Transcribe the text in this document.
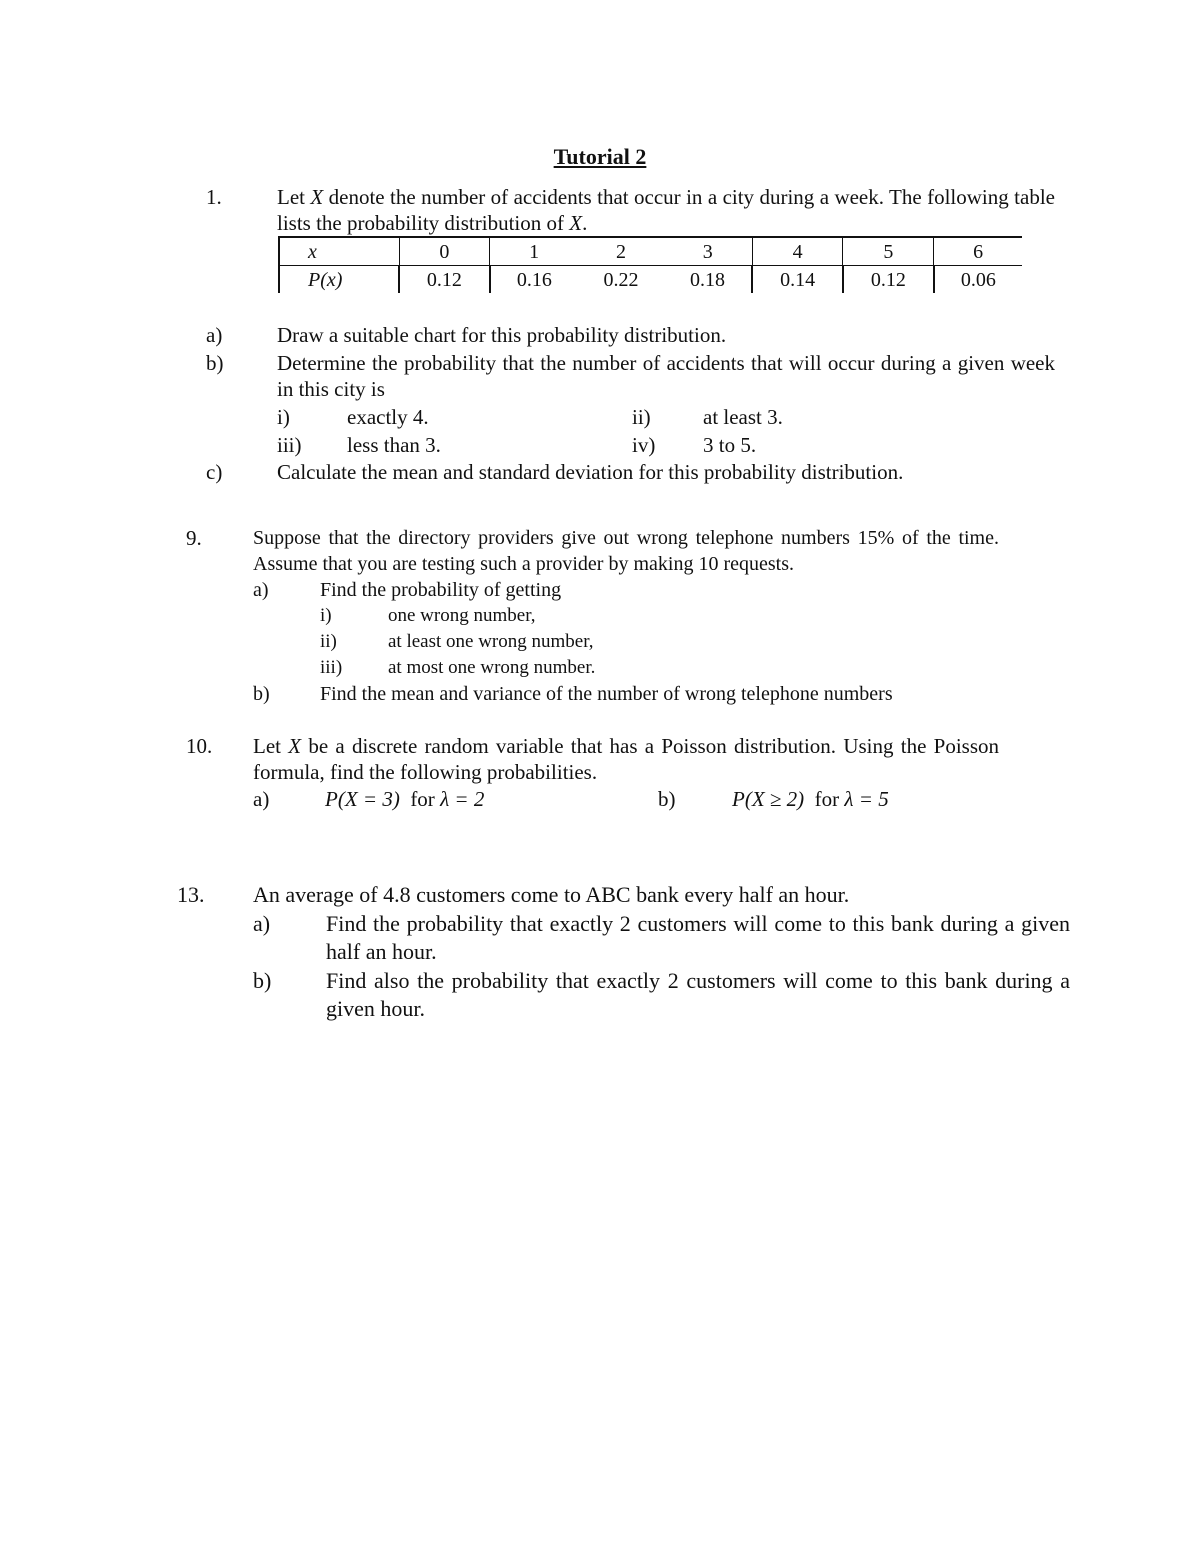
Tutorial 2
1.	Let X denote the number of accidents that occur in a city during a week. The following table lists the probability distribution of X.
x	0	1	2	3	4	5	6
P(x)	0.12	0.16	0.22	0.18	0.14	0.12	0.06
a)	Draw a suitable chart for this probability distribution.
b)	Determine the probability that the number of accidents that will occur during a given week in this city is
i)	exactly 4.	ii) at least 3.
iii) less than 3.	iv) 3 to 5.
c)	Calculate the mean and standard deviation for this probability distribution.
9.	Suppose that the directory providers give out wrong telephone numbers 15% of the time. Assume that you are testing such a provider by making 10 requests.
a)	Find the probability of getting
i)	one wrong number,
ii)	at least one wrong number,
iii) at most one wrong number.
b)	Find the mean and variance of the number of wrong telephone numbers
10. Let X be a discrete random variable that has a Poisson distribution. Using the Poisson formula, find the following probabilities.
a)	P(X = 3) for λ = 2	b)	P(X ≥ 2) for λ = 5
13. An average of 4.8 customers come to ABC bank every half an hour.
a)	Find the probability that exactly 2 customers will come to this bank during a given half an hour.
b) Find also the probability that exactly 2 customers will come to this bank during a given hour.
